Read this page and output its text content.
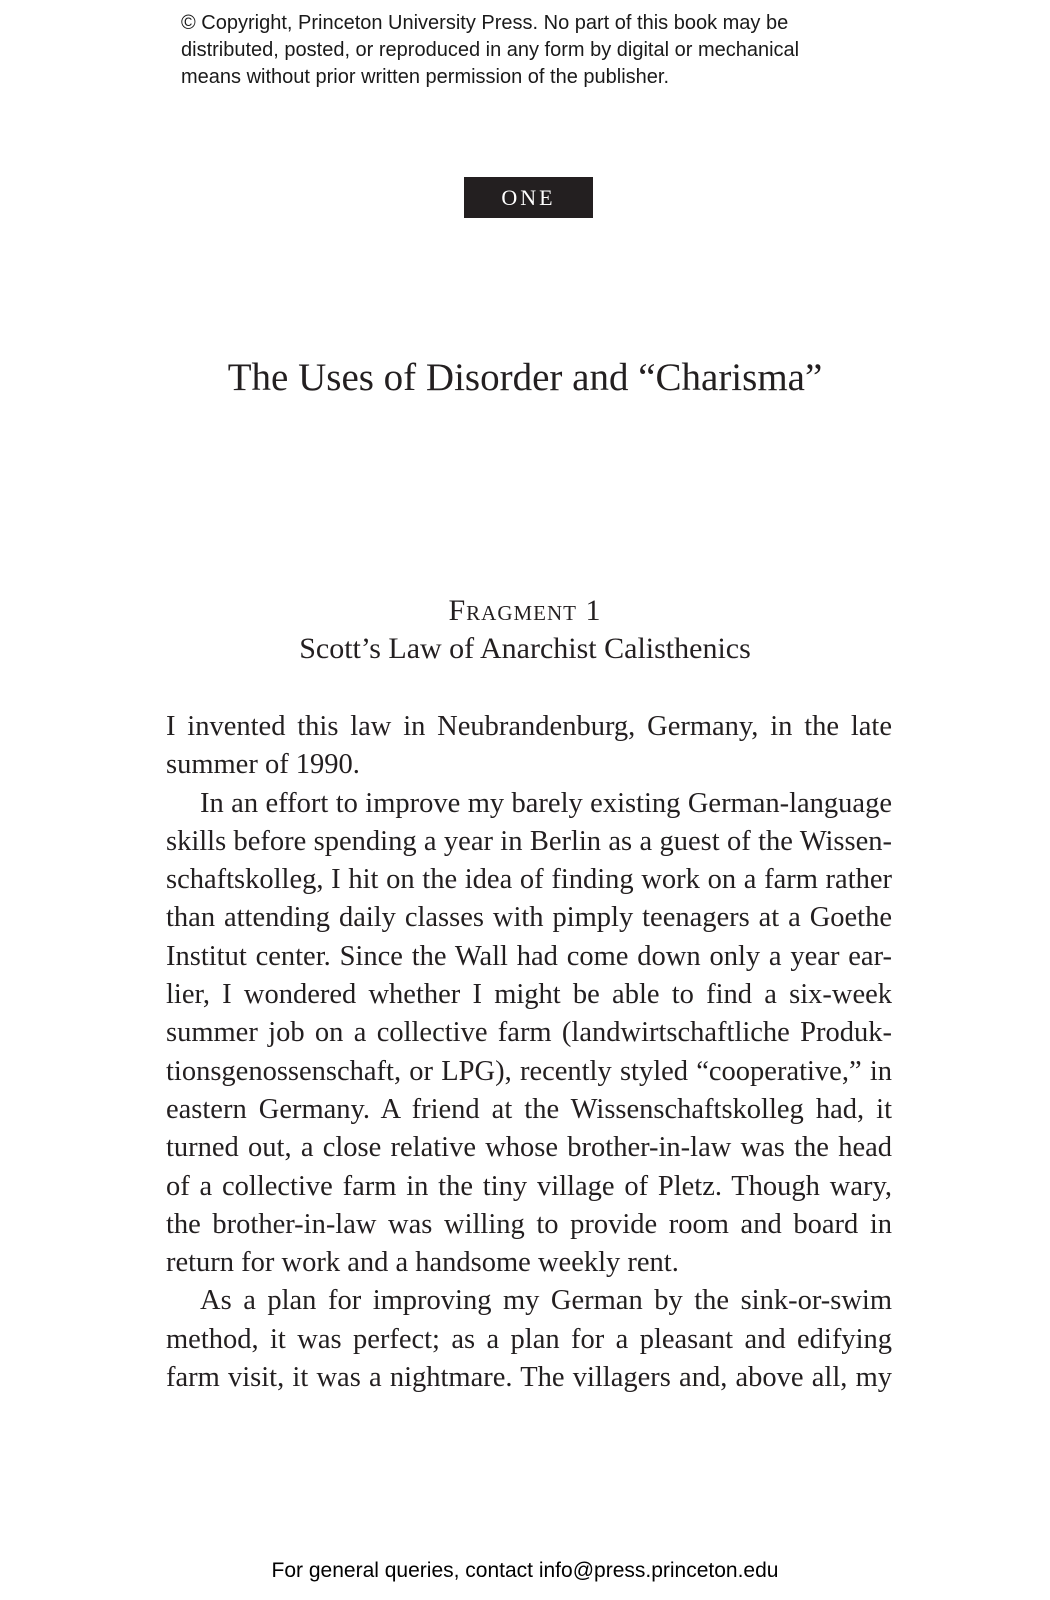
© Copyright, Princeton University Press. No part of this book may be
distributed, posted, or reproduced in any form by digital or mechanical
means without prior written permission of the publisher.
ONE
The Uses of Disorder and “Charisma”
Fragment 1
Scott’s Law of Anarchist Calisthenics
I invented this law in Neubrandenburg, Germany, in the late
summer of 1990.
In an effort to improve my barely existing German-language
skills before spending a year in Berlin as a guest of the Wissen-
schaftskolleg, I hit on the idea of finding work on a farm rather
than attending daily classes with pimply teenagers at a Goethe
Institut center. Since the Wall had come down only a year ear-
lier, I wondered whether I might be able to find a six-week
summer job on a collective farm (landwirtschaftliche Produk-
tionsgenossenschaft, or LPG), recently styled “cooperative,” in
eastern Germany. A friend at the Wissenschaftskolleg had, it
turned out, a close relative whose brother-in-law was the head
of a collective farm in the tiny village of Pletz. Though wary,
the brother-in-law was willing to provide room and board in
return for work and a handsome weekly rent.
As a plan for improving my German by the sink-or-swim
method, it was perfect; as a plan for a pleasant and edifying
farm visit, it was a nightmare. The villagers and, above all, my
For general queries, contact info@press.princeton.edu
